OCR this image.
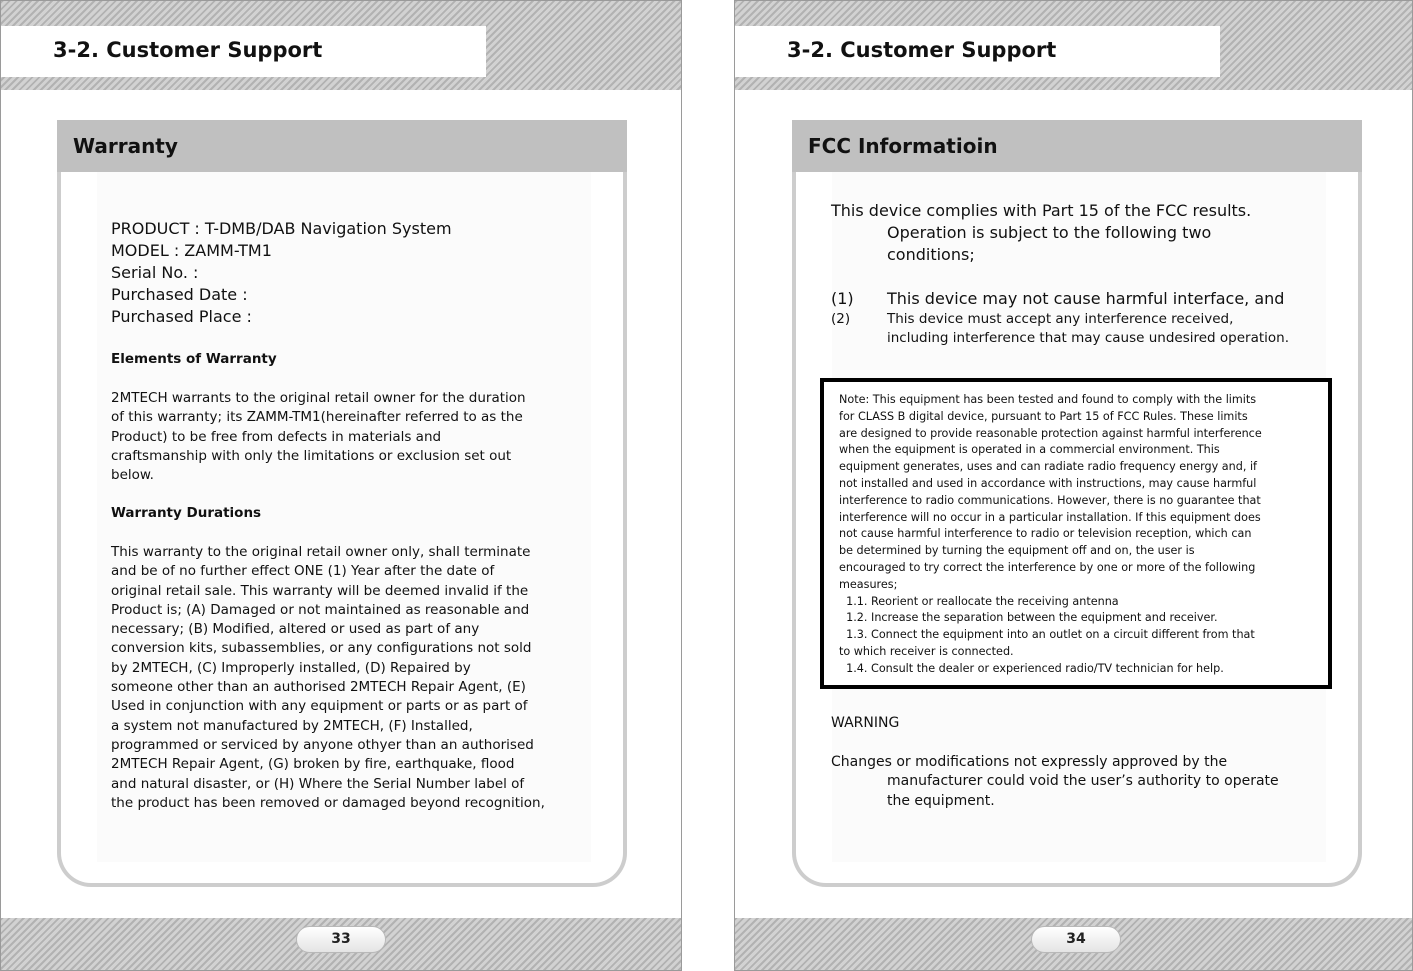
3-2. Customer Support
Warranty
PRODUCT : T-DMB/DAB Navigation System
MODEL : ZAMM-TM1
Serial No. :
Purchased Date :
Purchased Place :
Elements of Warranty
2MTECH warrants to the original retail owner for the duration
of this warranty; its ZAMM-TM1(hereinafter referred to as the
Product) to be free from defects in materials and
craftsmanship with only the limitations or exclusion set out
below.
Warranty Durations
This warranty to the original retail owner only, shall terminate
and be of no further effect ONE (1) Year after the date of
original retail sale. This warranty will be deemed invalid if the
Product is; (A) Damaged or not maintained as reasonable and
necessary; (B) Modified, altered or used as part of any
conversion kits, subassemblies, or any configurations not sold
by 2MTECH, (C) Improperly installed, (D) Repaired by
someone other than an authorised 2MTECH Repair Agent, (E)
Used in conjunction with any equipment or parts or as part of
a system not manufactured by 2MTECH, (F) Installed,
programmed or serviced by anyone othyer than an authorised
2MTECH Repair Agent, (G) broken by fire, earthquake, flood
and natural disaster, or (H) Where the Serial Number label of
the product has been removed or damaged beyond recognition,
33
3-2. Customer Support
FCC Informatioin
This device complies with Part 15 of the FCC results.
Operation is subject to the following two
conditions;
(1) This device may not cause harmful interface, and
(2)	This device must accept any interference received,
including interference that may cause undesired operation.
Note: This equipment has been tested and found to comply with the limits
for CLASS B digital device, pursuant to Part 15 of FCC Rules. These limits
are designed to provide reasonable protection against harmful interference
when the equipment is operated in a commercial environment. This
equipment generates, uses and can radiate radio frequency energy and, if
not installed and used in accordance with instructions, may cause harmful
interference to radio communications. However, there is no guarantee that
interference will no occur in a particular installation. If this equipment does
not cause harmful interference to radio or television reception, which can
be determined by turning the equipment off and on, the user is
encouraged to try correct the interference by one or more of the following
measures;
1.1. Reorient or reallocate the receiving antenna
1.2. Increase the separation between the equipment and receiver.
1.3. Connect the equipment into an outlet on a circuit different from that
to which receiver is connected.
1.4. Consult the dealer or experienced radio/TV technician for help.
WARNING
Changes or modifications not expressly approved by the
manufacturer could void the user’s authority to operate
the equipment.
34
